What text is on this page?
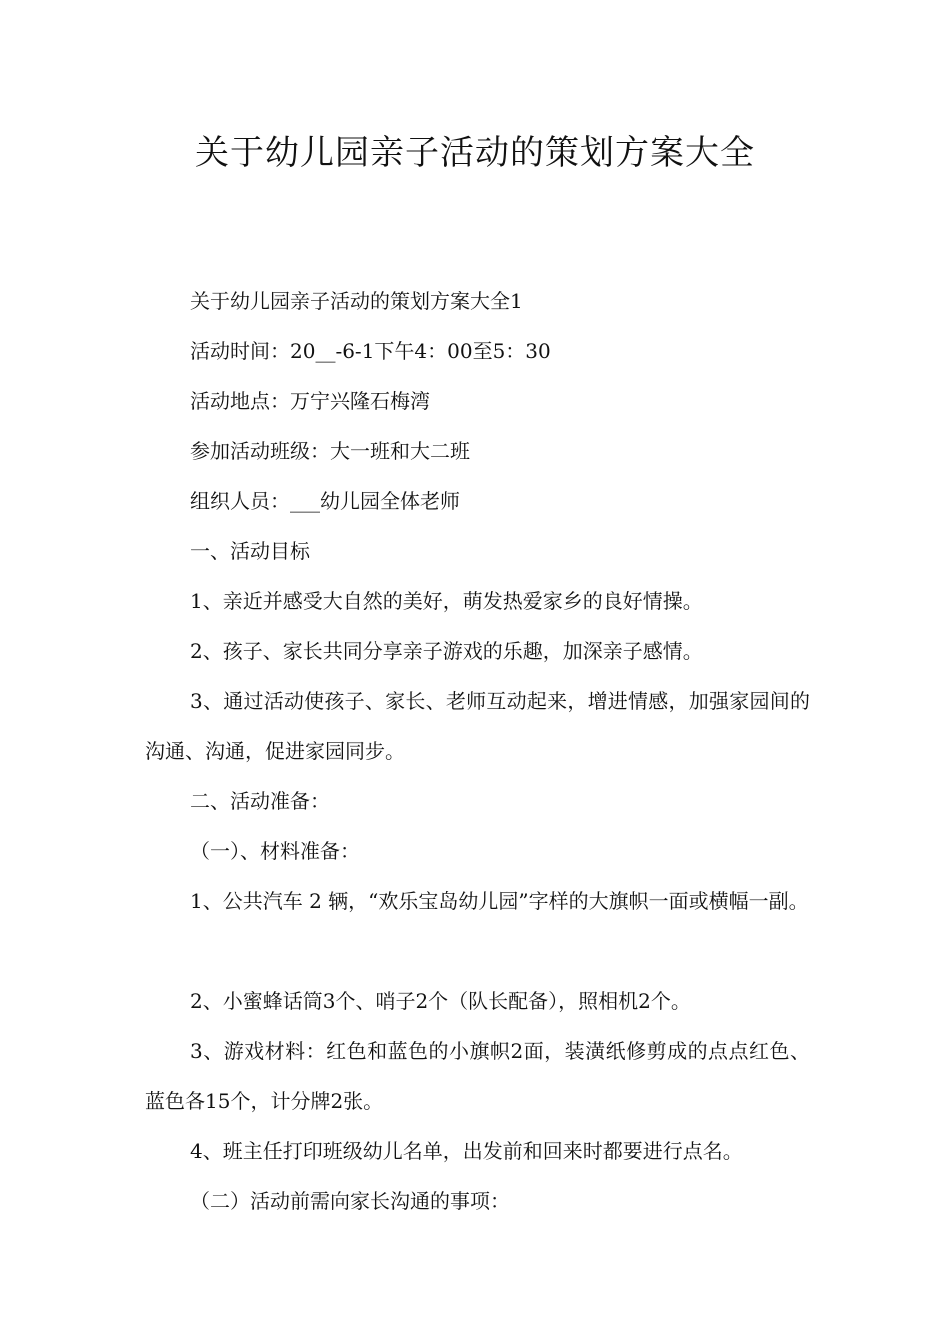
关于幼儿园亲子活动的策划方案大全

关于幼儿园亲子活动的策划方案大全1

活动时间：20__-6-1下午4：00至5：30

活动地点：万宁兴隆石梅湾

参加活动班级：大一班和大二班

组织人员：___幼儿园全体老师

一、活动目标

1、亲近并感受大自然的美好，萌发热爱家乡的良好情操。

2、孩子、家长共同分享亲子游戏的乐趣，加深亲子感情。

3、通过活动使孩子、家长、老师互动起来，增进情感，加强家园间的沟通、沟通，促进家园同步。

二、活动准备：

（一）、材料准备：

1、公共汽车 2 辆，“欢乐宝岛幼儿园”字样的大旗帜一面或横幅一副。

2、小蜜蜂话筒3个、哨子2个（队长配备），照相机2个。

3、游戏材料：红色和蓝色的小旗帜2面，装潢纸修剪成的点点红色、蓝色各15个，计分牌2张。

4、班主任打印班级幼儿名单，出发前和回来时都要进行点名。

（二）活动前需向家长沟通的事项：
